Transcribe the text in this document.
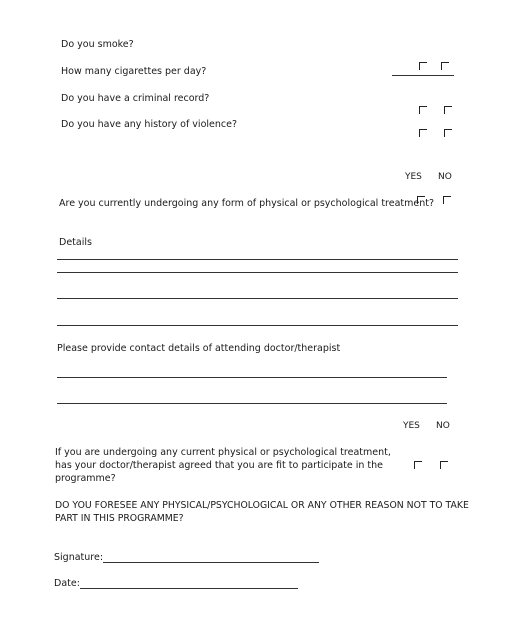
Do you smoke?
How many cigarettes per day?
Do you have a criminal record?
Do you have any history of violence?
YES NO
Are you currently undergoing any form of physical or psychological treatment?
Details
Please provide contact details of attending doctor/therapist
YES NO
If you are undergoing any current physical or psychological treatment,
has your doctor/therapist agreed that you are fit to participate in the
programme?
DO YOU FORESEE ANY PHYSICAL/PSYCHOLOGICAL OR ANY OTHER REASON NOT TO TAKE
PART IN THIS PROGRAMME?
Signature:
Date:
